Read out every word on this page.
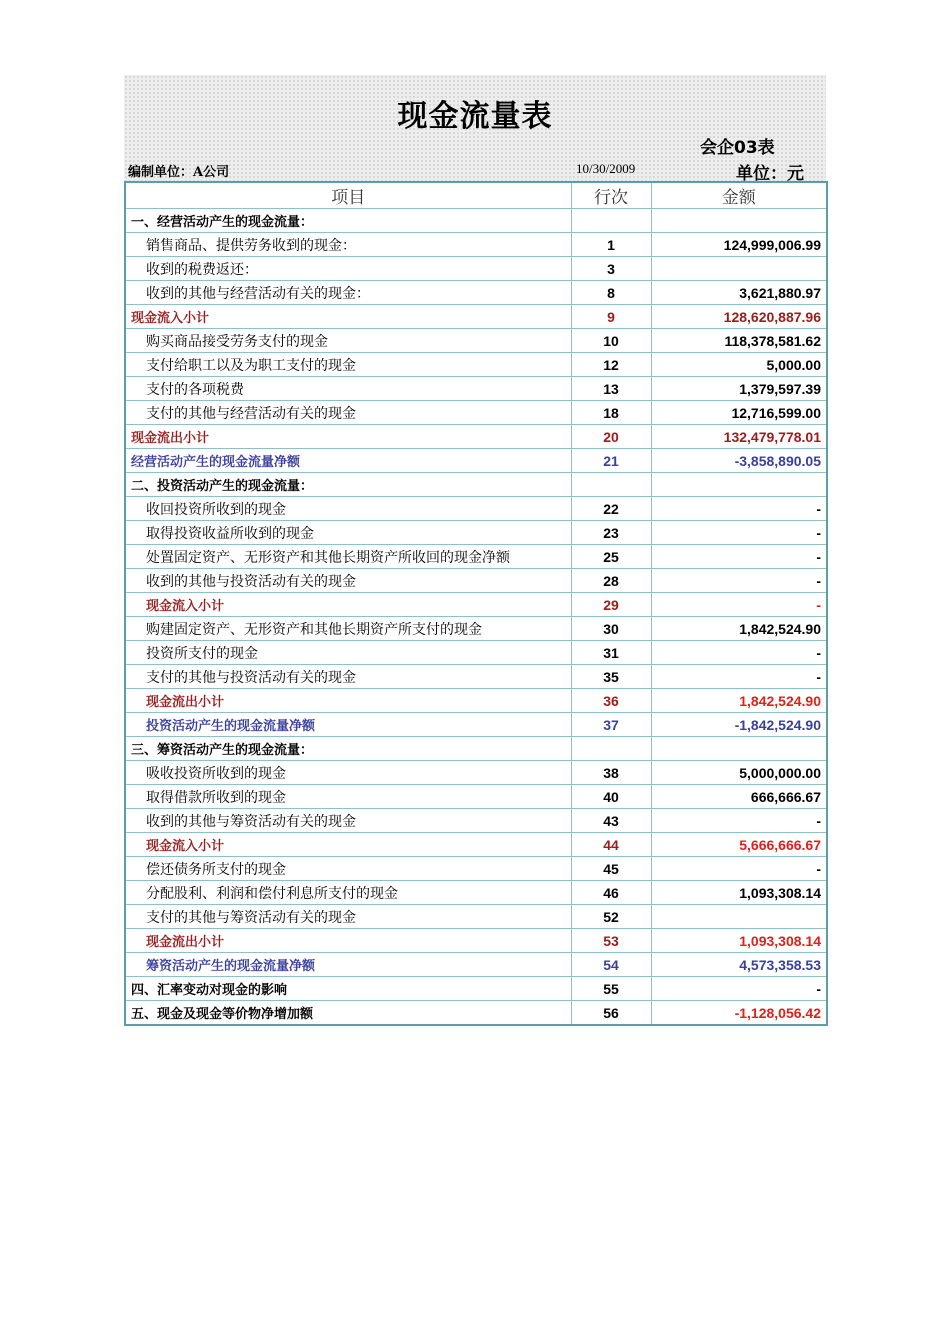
现金流量表
会企03表
单位：元
编制单位：A公司	10/30/2009
项目	行次	金额
一、经营活动产生的现金流量：		
销售商品、提供劳务收到的现金：	1	124,999,006.99
收到的税费返还：	3	
收到的其他与经营活动有关的现金：	8	3,621,880.97
现金流入小计	9	128,620,887.96
购买商品接受劳务支付的现金	10	118,378,581.62
支付给职工以及为职工支付的现金	12	5,000.00
支付的各项税费	13	1,379,597.39
支付的其他与经营活动有关的现金	18	12,716,599.00
现金流出小计	20	132,479,778.01
经营活动产生的现金流量净额	21	-3,858,890.05
二、投资活动产生的现金流量：		
收回投资所收到的现金	22	-
取得投资收益所收到的现金	23	-
处置固定资产、无形资产和其他长期资产所收回的现金净额	25	-
收到的其他与投资活动有关的现金	28	-
现金流入小计	29	-
购建固定资产、无形资产和其他长期资产所支付的现金	30	1,842,524.90
投资所支付的现金	31	-
支付的其他与投资活动有关的现金	35	-
现金流出小计	36	1,842,524.90
投资活动产生的现金流量净额	37	-1,842,524.90
三、筹资活动产生的现金流量：		
吸收投资所收到的现金	38	5,000,000.00
取得借款所收到的现金	40	666,666.67
收到的其他与筹资活动有关的现金	43	-
现金流入小计	44	5,666,666.67
偿还债务所支付的现金	45	-
分配股利、利润和偿付利息所支付的现金	46	1,093,308.14
支付的其他与筹资活动有关的现金	52	
现金流出小计	53	1,093,308.14
筹资活动产生的现金流量净额	54	4,573,358.53
四、汇率变动对现金的影响	55	-
五、现金及现金等价物净增加额	56	-1,128,056.42
